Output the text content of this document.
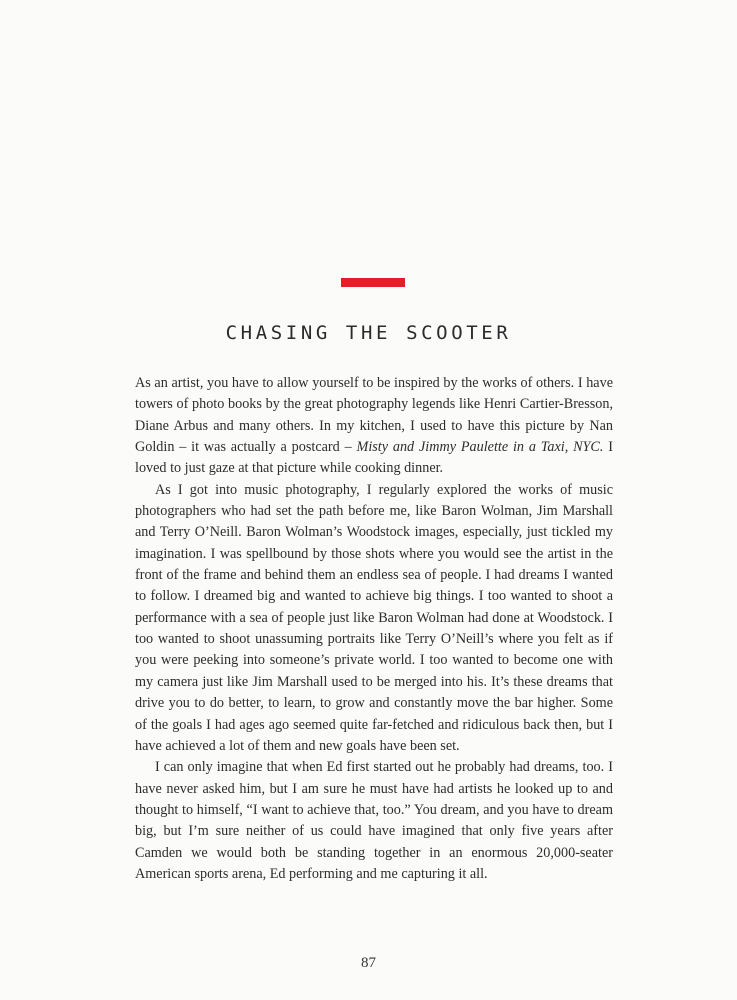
CHASING THE SCOOTER

As an artist, you have to allow yourself to be inspired by the works of others. I have towers of photo books by the great photography legends like Henri Cartier-Bresson, Diane Arbus and many others. In my kitchen, I used to have this picture by Nan Goldin – it was actually a postcard – Misty and Jimmy Paulette in a Taxi, NYC. I loved to just gaze at that picture while cooking dinner.

As I got into music photography, I regularly explored the works of music photographers who had set the path before me, like Baron Wolman, Jim Marshall and Terry O’Neill. Baron Wolman’s Woodstock images, especially, just tickled my imagination. I was spellbound by those shots where you would see the artist in the front of the frame and behind them an endless sea of people. I had dreams I wanted to follow. I dreamed big and wanted to achieve big things. I too wanted to shoot a performance with a sea of people just like Baron Wolman had done at Woodstock. I too wanted to shoot unassuming portraits like Terry O’Neill’s where you felt as if you were peeking into someone’s private world. I too wanted to become one with my camera just like Jim Marshall used to be merged into his. It’s these dreams that drive you to do better, to learn, to grow and constantly move the bar higher. Some of the goals I had ages ago seemed quite far-fetched and ridiculous back then, but I have achieved a lot of them and new goals have been set.

I can only imagine that when Ed first started out he probably had dreams, too. I have never asked him, but I am sure he must have had artists he looked up to and thought to himself, “I want to achieve that, too.” You dream, and you have to dream big, but I’m sure neither of us could have imagined that only five years after Camden we would both be standing together in an enormous 20,000-seater American sports arena, Ed performing and me capturing it all.

87
